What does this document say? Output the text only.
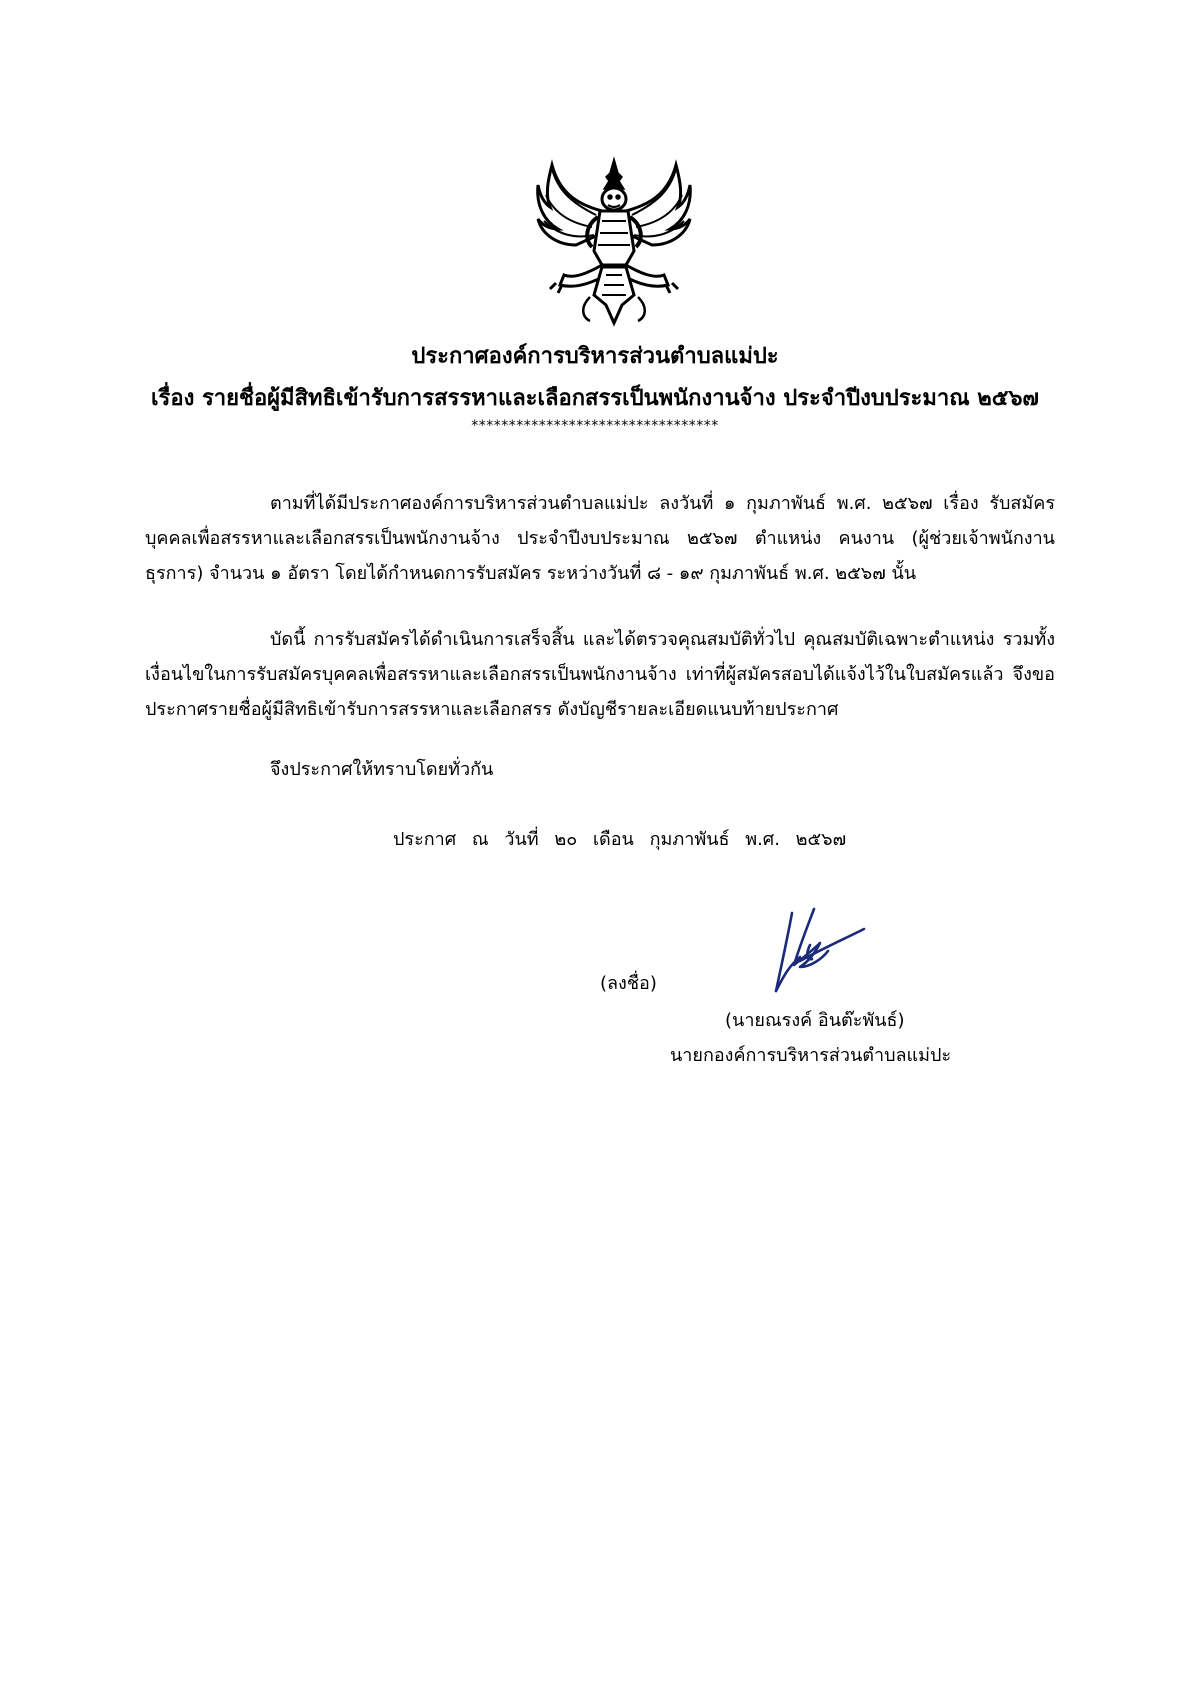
ประกาศองค์การบริหารส่วนตำบลแม่ปะ
เรื่อง รายชื่อผู้มีสิทธิเข้ารับการสรรหาและเลือกสรรเป็นพนักงานจ้าง ประจำปีงบประมาณ ๒๕๖๗
*********************************
ตามที่ได้มีประกาศองค์การบริหารส่วนตำบลแม่ปะ ลงวันที่ ๑ กุมภาพันธ์ พ.ศ. ๒๕๖๗ เรื่อง รับสมัครบุคคลเพื่อสรรหาและเลือกสรรเป็นพนักงานจ้าง ประจำปีงบประมาณ ๒๕๖๗ ตำแหน่ง คนงาน (ผู้ช่วยเจ้าพนักงานธุรการ) จำนวน ๑ อัตรา โดยได้กำหนดการรับสมัคร ระหว่างวันที่ ๘ - ๑๙ กุมภาพันธ์ พ.ศ. ๒๕๖๗ นั้น
บัดนี้ การรับสมัครได้ดำเนินการเสร็จสิ้น และได้ตรวจคุณสมบัติทั่วไป คุณสมบัติเฉพาะตำแหน่ง รวมทั้งเงื่อนไขในการรับสมัครบุคคลเพื่อสรรหาและเลือกสรรเป็นพนักงานจ้าง เท่าที่ผู้สมัครสอบได้แจ้งไว้ในใบสมัครแล้ว จึงขอประกาศรายชื่อผู้มีสิทธิเข้ารับการสรรหาและเลือกสรร ดังบัญชีรายละเอียดแนบท้ายประกาศ
จึงประกาศให้ทราบโดยทั่วกัน
ประกาศ ณ วันที่ ๒๐ เดือน กุมภาพันธ์ พ.ศ. ๒๕๖๗
(ลงชื่อ)
(นายณรงค์ อินต๊ะพันธ์)
นายกองค์การบริหารส่วนตำบลแม่ปะ
